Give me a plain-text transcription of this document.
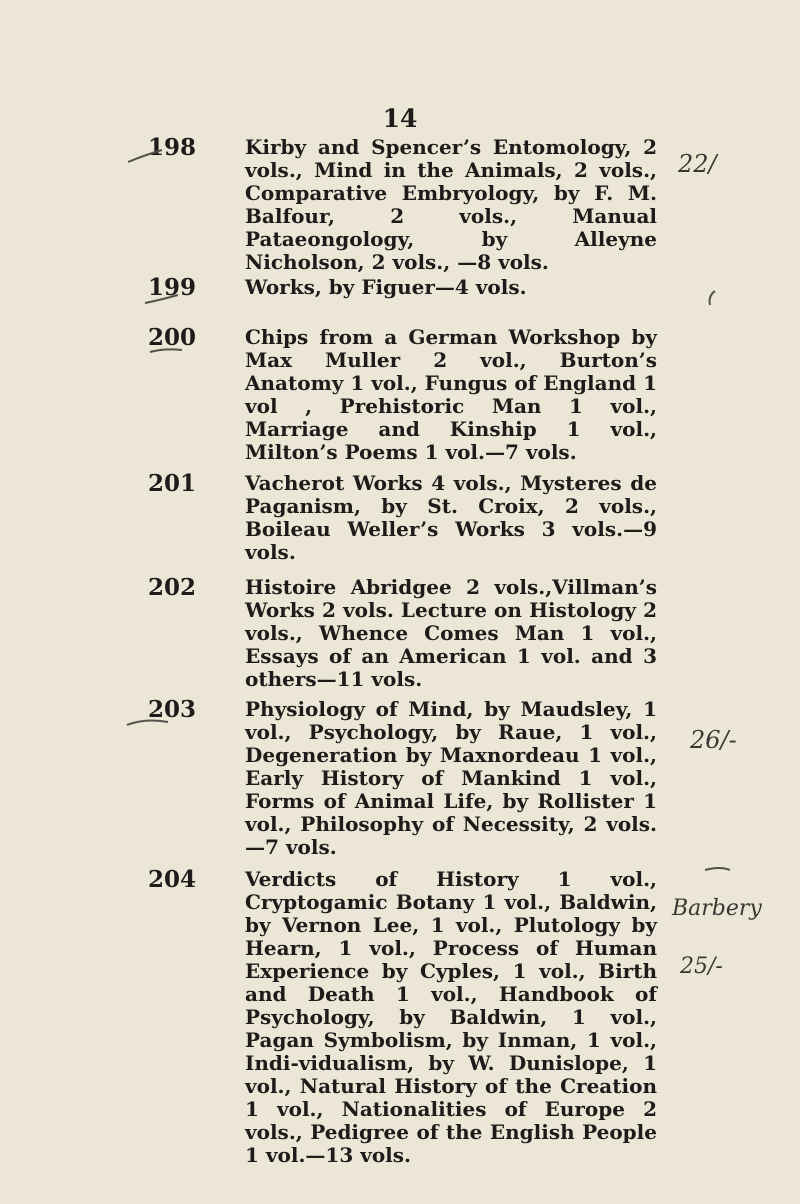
14
198 Kirby and Spencer’s Entomology, 2 vols., Mind in the Animals, 2 vols., Comparative Embryology, by F. M. Balfour, 2 vols., Manual Pataeongology, by Alleyne Nicholson, 2 vols., —8 vols.
199 Works, by Figuer—4 vols.
200 Chips from a German Workshop by Max Muller 2 vol., Burton’s Anatomy 1 vol., Fungus of England 1 vol , Prehistoric Man 1 vol., Marriage and Kinship 1 vol., Milton’s Poems 1 vol.—7 vols.
201 Vacherot Works 4 vols., Mysteres de Paganism, by St. Croix, 2 vols., Boileau Weller’s Works 3 vols.—9 vols.
202 Histoire Abridgee 2 vols.,Villman’s Works 2 vols. Lecture on Histology 2 vols., Whence Comes Man 1 vol., Essays of an American 1 vol. and 3 others—11 vols.
203 Physiology of Mind, by Maudsley, 1 vol., Psychology, by Raue, 1 vol., Degeneration by Maxnordeau 1 vol., Early History of Mankind 1 vol., Forms of Animal Life, by Rollister 1 vol., Philosophy of Necessity, 2 vols.—7 vols.
204 Verdicts of History 1 vol., Cryptogamic Botany 1 vol., Baldwin, by Vernon Lee, 1 vol., Plutology by Hearn, 1 vol., Process of Human Experience by Cyples, 1 vol., Birth and Death 1 vol., Handbook of Psychology, by Baldwin, 1 vol., Pagan Symbolism, by Inman, 1 vol., Indi-vidualism, by W. Dunislope, 1 vol., Natural History of the Creation 1 vol., Nationalities of Europe 2 vols., Pedigree of the English People 1 vol.—13 vols.
22/
26/-
Barbery
25/-
